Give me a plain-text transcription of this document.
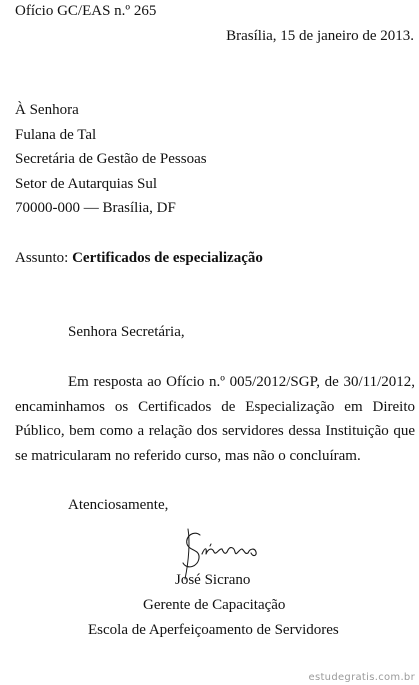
Ofício GC/EAS n.º 265
Brasília, 15 de janeiro de 2013.
À Senhora
Fulana de Tal
Secretária de Gestão de Pessoas
Setor de Autarquias Sul
70000-000 — Brasília, DF
Assunto: Certificados de especialização
Senhora Secretária,
Em resposta ao Ofício n.º 005/2012/SGP, de 30/11/2012, encaminhamos os Certificados de Especialização em Direito Público, bem como a relação dos servidores dessa Instituição que se matricularam no referido curso, mas não o concluíram.
Atenciosamente,
José Sicrano
Gerente de Capacitação
Escola de Aperfeiçoamento de Servidores
estudegratis.com.br
